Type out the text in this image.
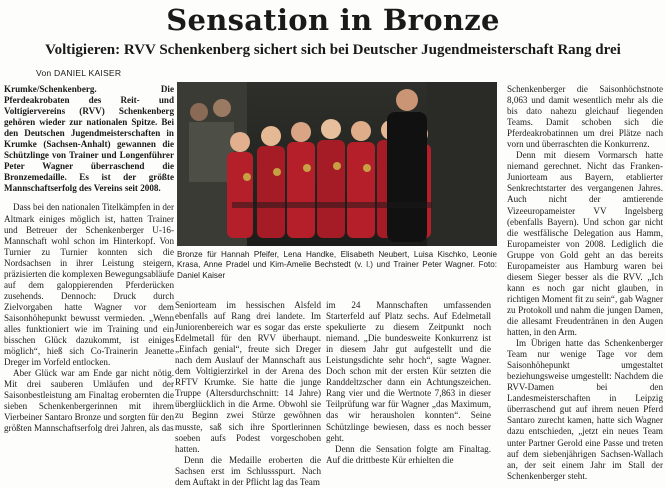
Sensation in Bronze
Voltigieren: RVV Schenkenberg sichert sich bei Deutscher Jugendmeisterschaft Rang drei
Von DANIEL KAISER

Krumke/Schenkenberg. Die Pferdeakrobaten des Reit- und Voltigiervereins (RVV) Schenkenberg gehören wieder zur nationalen Spitze. Bei den Deutschen Jugendmeisterschaften in Krumke (Sachsen-Anhalt) gewannen die Schützlinge von Trainer und Longenführer Peter Wagner überraschend die Bronzemedaille. Es ist der größte Mannschaftserfolg des Vereins seit 2008.

Dass bei den nationalen Titelkämpfen in der Altmark einiges möglich ist, hatten Trainer und Betreuer der Schenkenberger U-16-Mannschaft wohl schon im Hinterkopf. Von Turnier zu Turnier konnten sich die Nordsachsen in ihrer Leistung steigern, präzisierten die komplexen Bewegungsabläufe auf dem galoppierenden Pferderücken zusehends. Dennoch: Druck durch Zielvorgaben hatte Wagner vor dem Saisonhöhepunkt bewusst vermieden. „Wenn alles funktioniert wie im Training und ein bisschen Glück dazukommt, ist einiges möglich“, hieß sich Co-Trainerin Jeanette Dreger im Vorfeld entlocken.

Aber Glück war am Ende gar nicht nötig. Mit drei sauberen Umläufen und der Saisonbestleistung am Finaltag erobernten die sieben Schenkenbergerinnen mit ihrem Vierbeiner Santaro Bronze und sorgten für den größten Mannschaftserfolg drei Jahren, als das

Bronze für Hannah Pfeifer, Lena Handke, Elisabeth Neubert, Luisa Kischko, Leonie Krasa, Anne Pradel und Kim-Amelie Bechstedt (v. l.) und Trainer Peter Wagner. Foto: Daniel Kaiser

Seniorteam im hessischen Alsfeld ebenfalls auf Rang drei landete. Im Juniorenbereich war es sogar das erste Edelmetall für den RVV überhaupt. „Einfach genial“, freute sich Dreger nach dem Auslauf der Mannschaft aus dem Voltigierzirkel in der Arena des RFTV Krumke. Sie hatte die junge Truppe (Altersdurchschnitt: 14 Jahre) überglücklich in die Arme. Obwohl sie zu Beginn zwei Stürze gewöhnen musste, saß sich ihre Sportlerinnen soeben aufs Podest vorgeschoben hatten.

Denn die Medaille eroberten die Sachsen erst im Schlussspurt. Nach dem Auftakt in der Pflicht lag das Team

im 24 Mannschaften umfassenden Starterfeld auf Platz sechs. Auf Edelmetall spekulierte zu diesem Zeitpunkt noch niemand. „Die bundesweite Konkurrenz ist in diesem Jahr gut aufgestellt und die Leistungsdichte sehr hoch“, sagte Wagner. Doch schon mit der ersten Kür setzten die Randdeltzscher dann ein Achtungszeichen. Rang vier und die Wertnote 7,863 in dieser Teilprüfung war für Wagner „das Maximum, das wir herausholen konnten“. Seine Schützlinge bewiesen, dass es noch besser geht.

Denn die Sensation folgte am Finaltag. Auf die drittbeste Kür erhielten die

Schenkenberger die Saisonhöchstnote 8,063 und damit wesentlich mehr als die bis dato nahezu gleichauf liegenden Teams. Damit schoben sich die Pferdeakrobatinnen um drei Plätze nach vorn und überraschten die Konkurrenz.

Denn mit diesem Vormarsch hatte niemand gerechnet. Nicht das Franken-Juniorteam aus Bayern, etablierter Senkrechtstarter des vergangenen Jahres. Auch nicht der amtierende Vizeeuropameister VV Ingelsberg (ebenfalls Bayern). Und schon gar nicht die westfälische Delegation aus Hamm, Europameister von 2008. Lediglich die Gruppe von Gold geht an das bereits Europameister aus Hamburg waren bei diesem Sieger besser als die RVV. „Ich kann es noch gar nicht glauben, in richtigen Moment fit zu sein“, gab Wagner zu Protokoll und nahm die jungen Damen, die allesamt Freudentränen in den Augen hatten, in den Arm.

Im Übrigen hatte das Schenkenberger Team nur wenige Tage vor dem Saisonhöhepunkt umgestaltet beziehungsweise umgestellt: Nachdem die RVV-Damen bei den Landesmeisterschaften in Leipzig überraschend gut auf ihrem neuen Pferd Santaro zurecht kamen, hatte sich Wagner dazu entschieden, „jetzt ein neues Team unter Partner Gerold eine Passe und treten auf dem siebenjährigen Sachsen-Wallach an, der seit einem Jahr im Stall der Schenkenberger steht.
